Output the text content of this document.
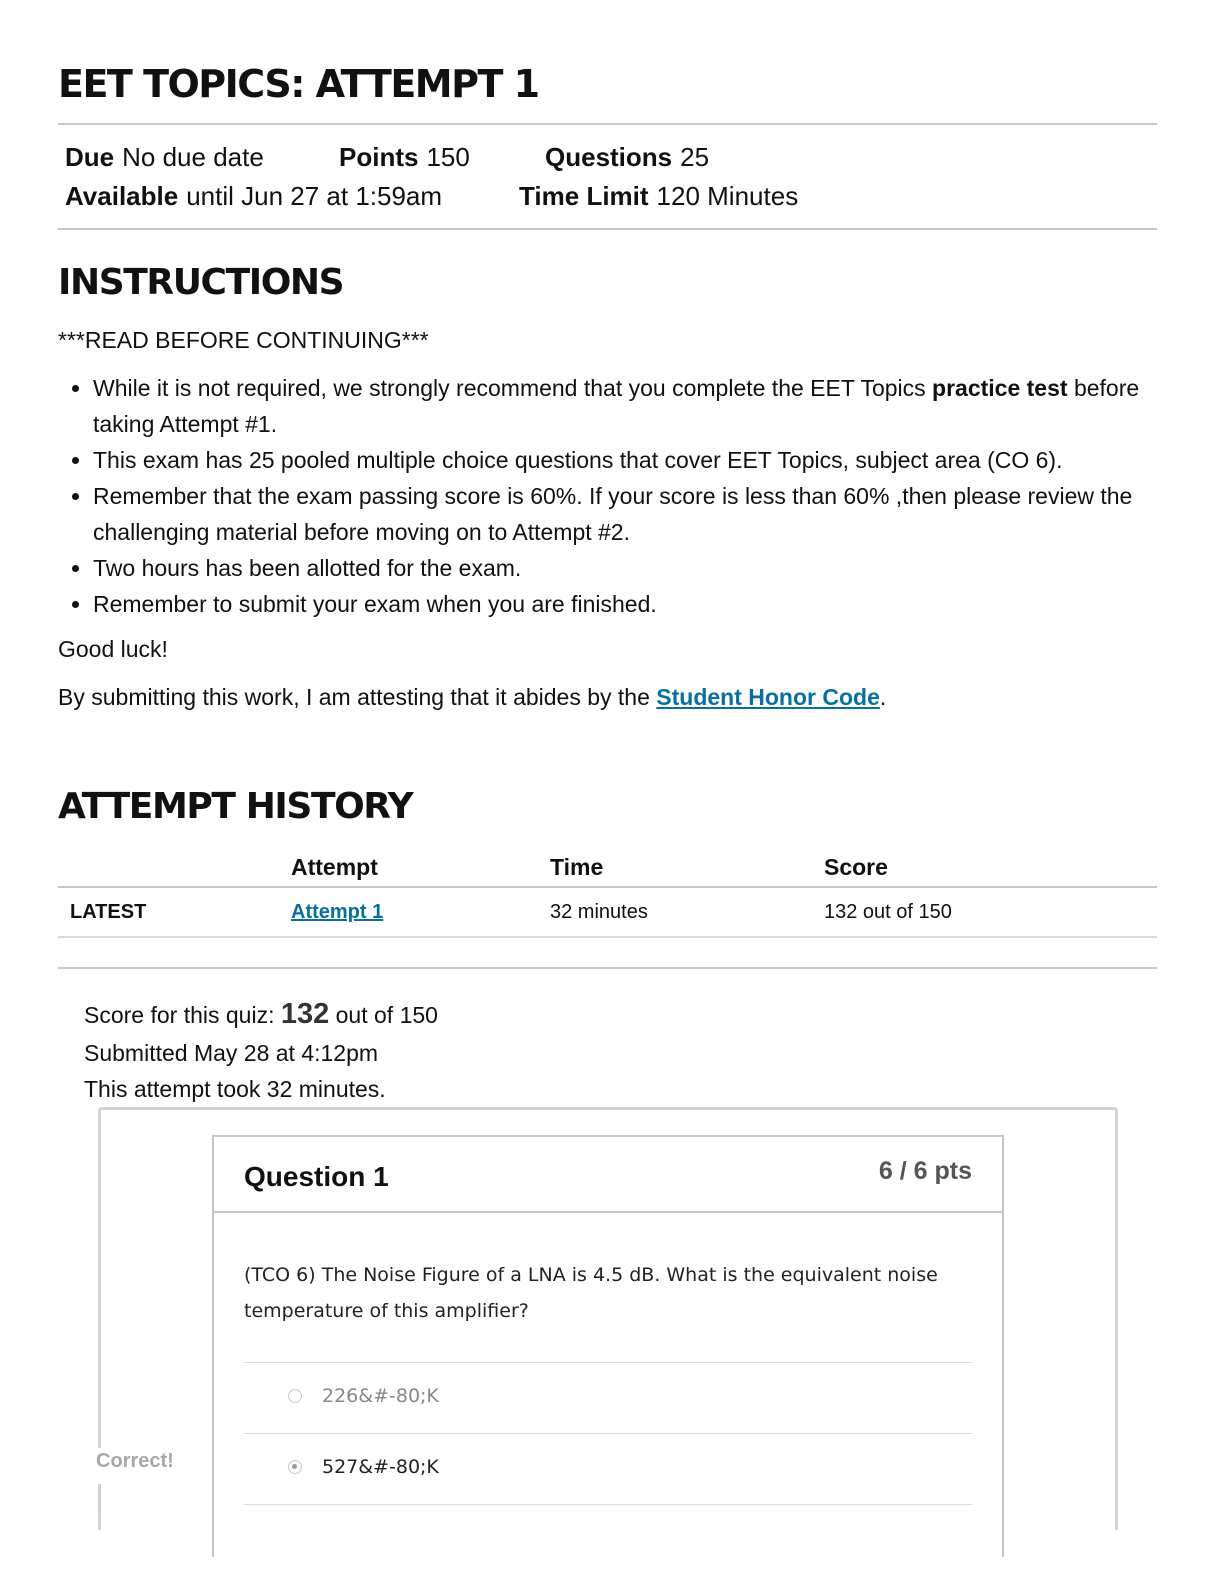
EET TOPICS: ATTEMPT 1
Due No due date	Points 150	Questions 25
Available until Jun 27 at 1:59am	Time Limit 120 Minutes
INSTRUCTIONS
***READ BEFORE CONTINUING***
• While it is not required, we strongly recommend that you complete the EET Topics practice test before taking Attempt #1.
• This exam has 25 pooled multiple choice questions that cover EET Topics, subject area (CO 6).
• Remember that the exam passing score is 60%. If your score is less than 60% ,then please review the challenging material before moving on to Attempt #2.
• Two hours has been allotted for the exam.
• Remember to submit your exam when you are finished.
Good luck!
By submitting this work, I am attesting that it abides by the Student Honor Code.
ATTEMPT HISTORY
	Attempt	Time	Score
LATEST	Attempt 1	32 minutes	132 out of 150
Score for this quiz: 132 out of 150
Submitted May 28 at 4:12pm
This attempt took 32 minutes.
Question 1	6 / 6 pts
(TCO 6) The Noise Figure of a LNA is 4.5 dB. What is the equivalent noise temperature of this amplifier?
226&#-80;K
527&#-80;K
Correct!
